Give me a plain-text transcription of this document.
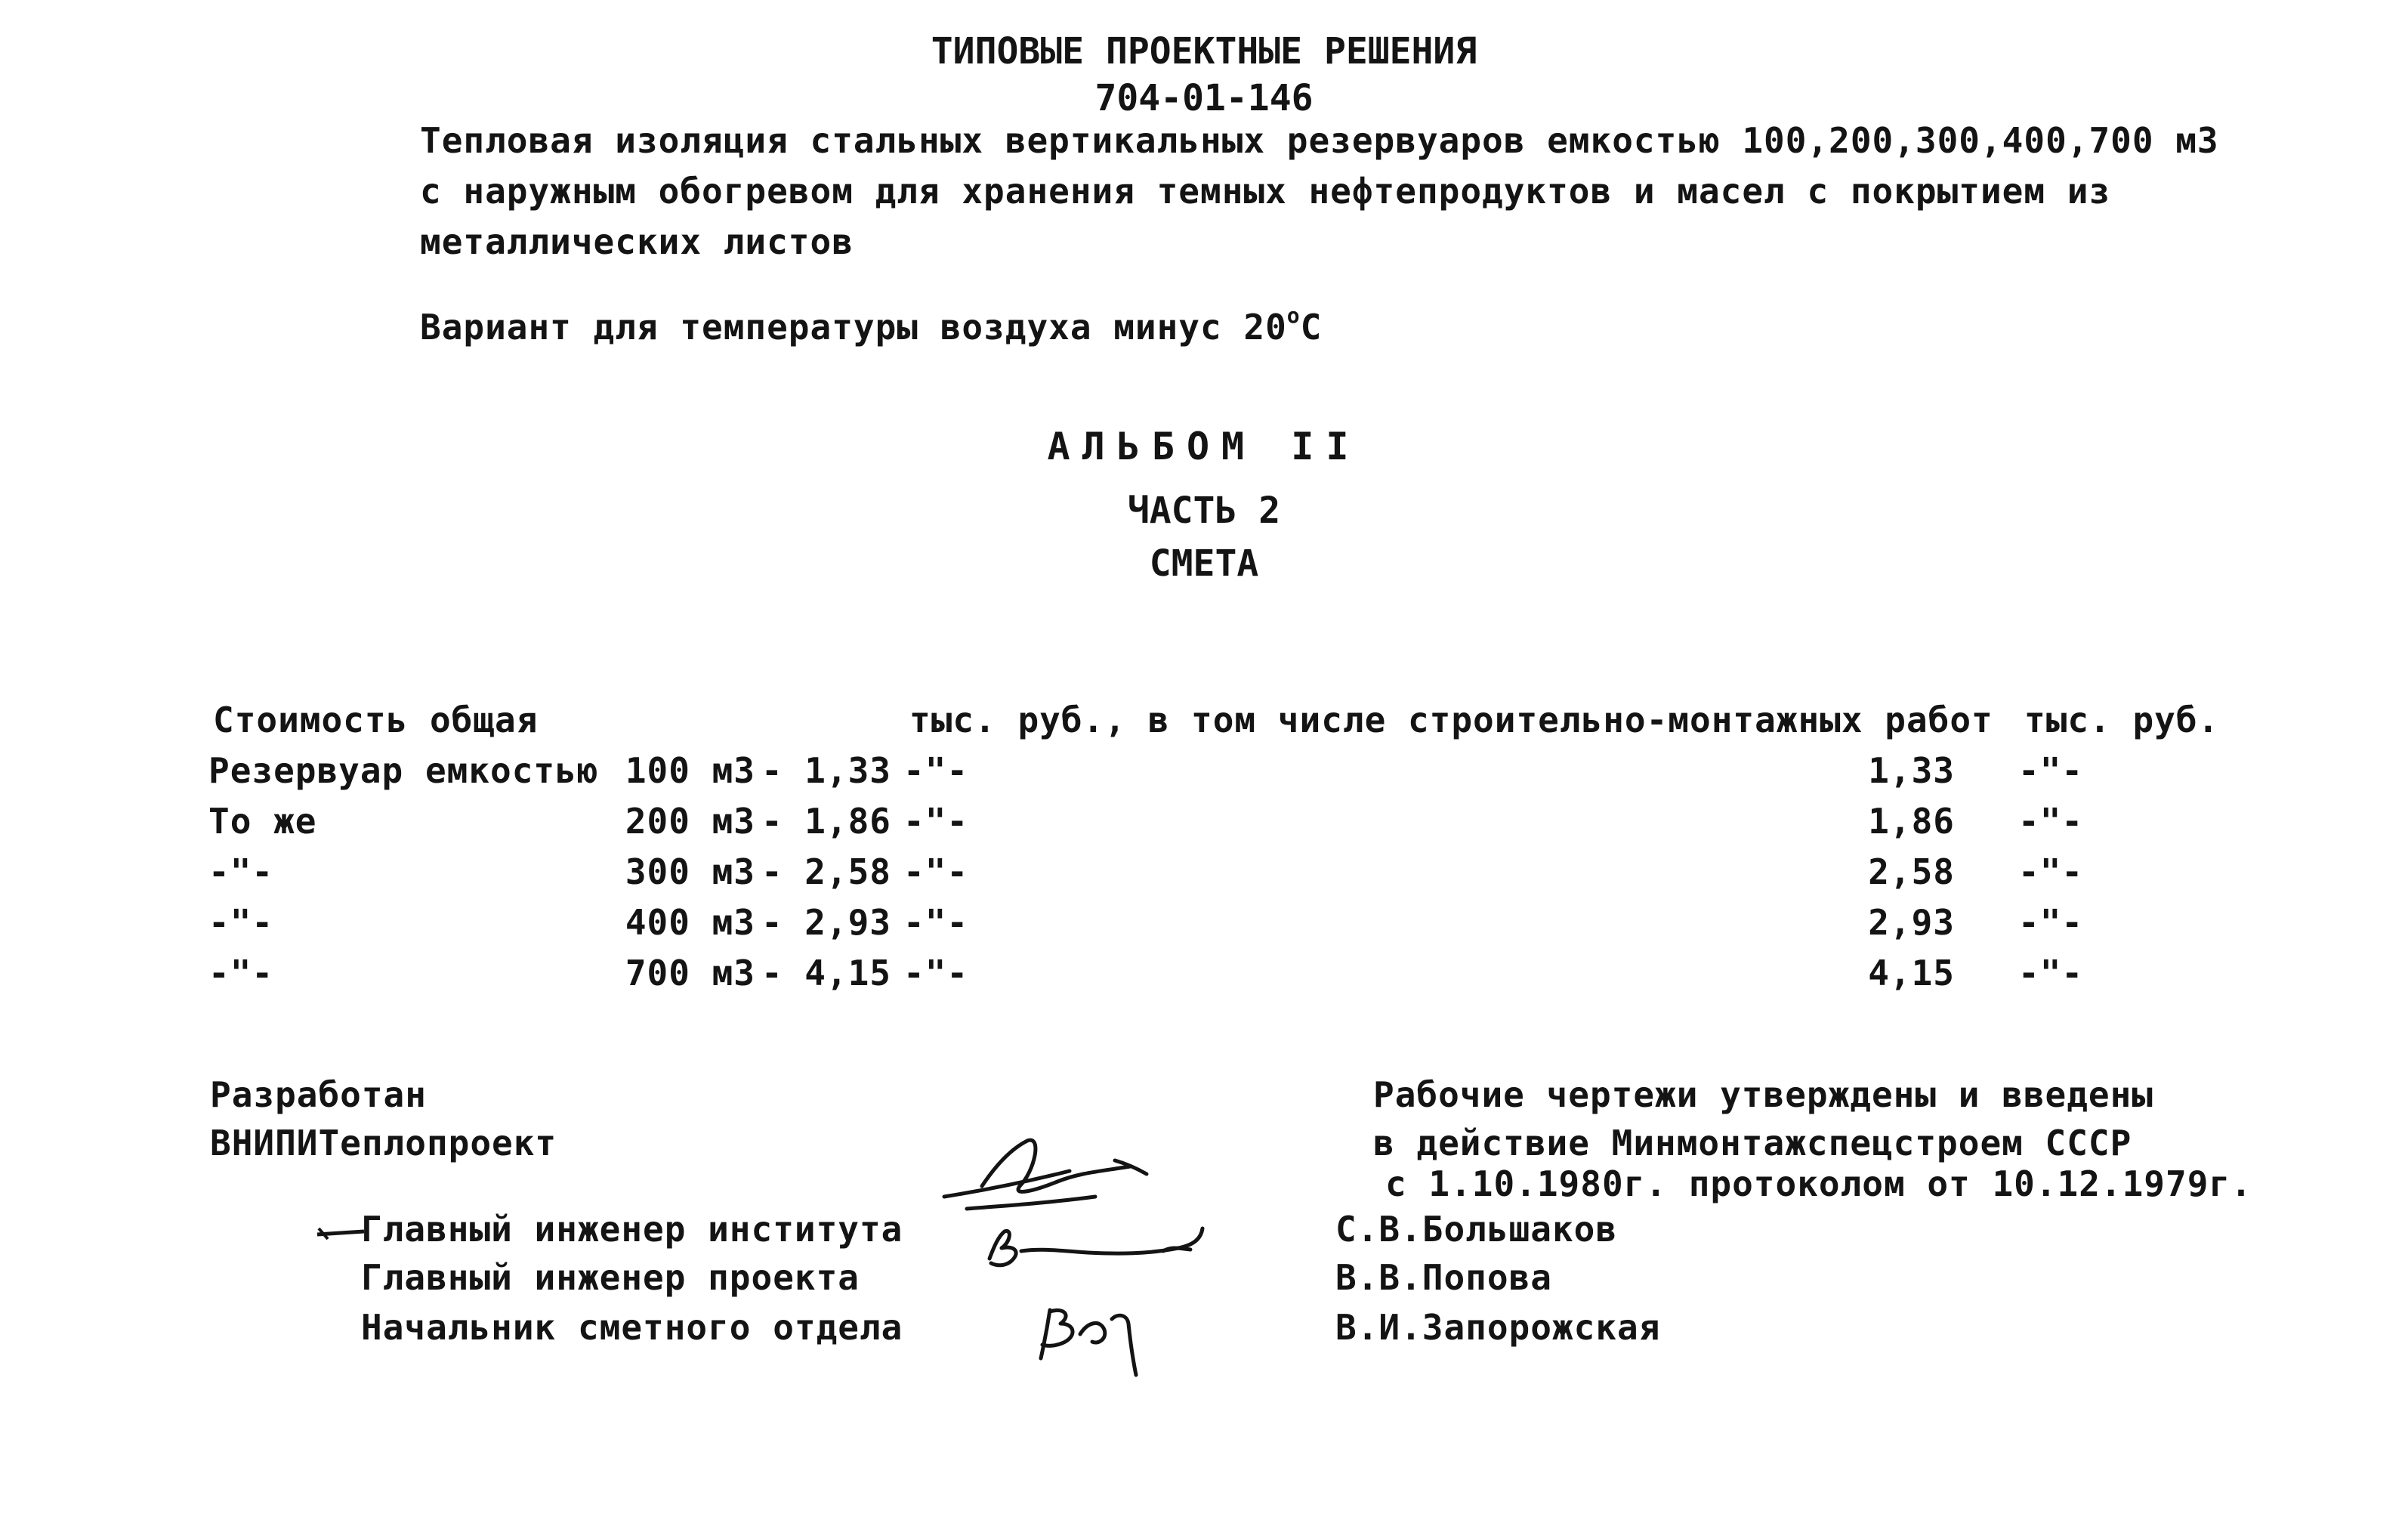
ТИПОВЫЕ ПРОЕКТНЫЕ РЕШЕНИЯ
704-01-146
Тепловая изоляция стальных вертикальных резервуаров емкостью 100,200,300,400,700 м3
с наружным обогревом для хранения темных нефтепродуктов и масел с покрытием из
металлических листов
Вариант для температуры воздуха минус $20^оС$
АЛЬБОМ II
ЧАСТЬ 2
СМЕТА
Стоимость общая	тыс. руб., в том числе строительно-монтажных работ тыс. руб.
Резервуар емкостью 100 м3 - 1,33 -"-	1,33 -"-
То же	200 м3 - 1,86 -"-	1,86 -"-
-"-	300 м3 - 2,58 -"-	2,58 -"-
-"-	400 м3 - 2,93 -"-	2,93 -"-
-"-	700 м3 - 4,15 -"-	4,15 -"-
Разработан
ВНИПИТеплопроект
Рабочие чертежи утверждены и введены
в действие Минмонтажспецстроем СССР
с 1.10.1980г. протоколом от 10.12.1979г.
Главный инженер института
Главный инженер проекта
Начальник сметного отдела
С.В.Большаков
В.В.Попова
В.И.Запорожская
